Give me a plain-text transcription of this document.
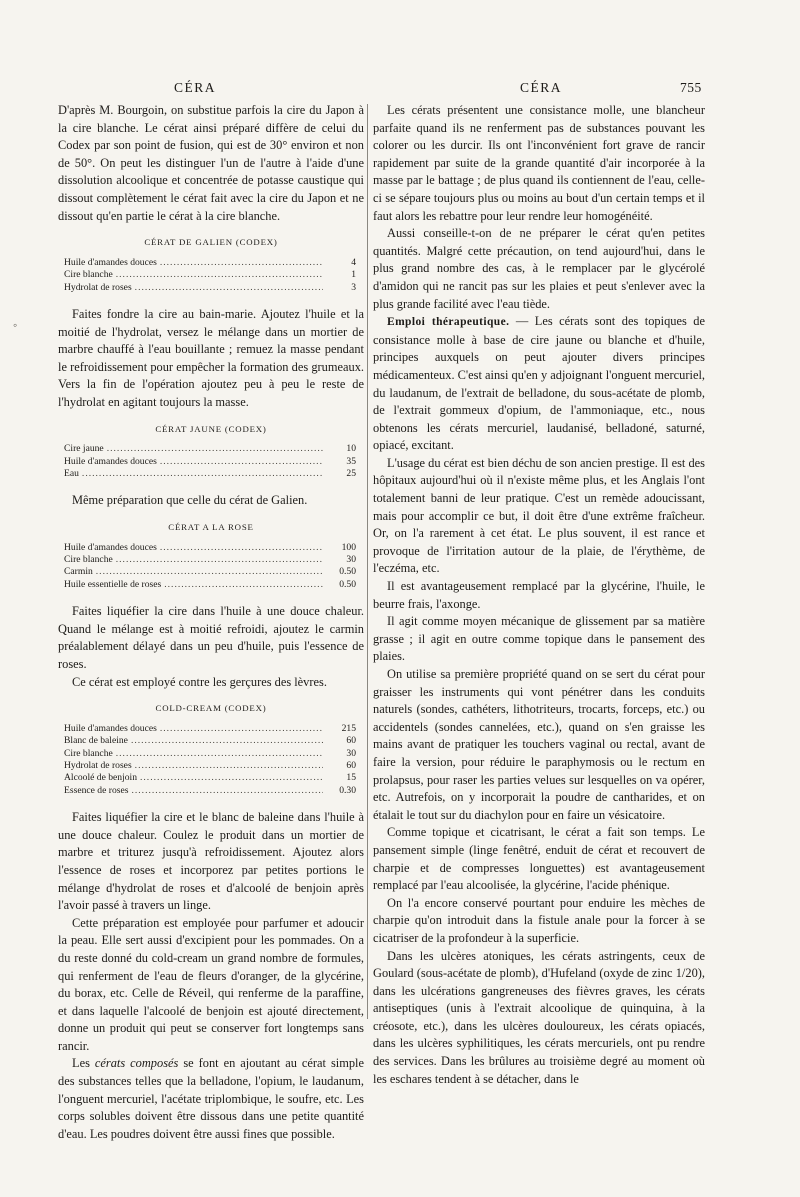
CÉRA	CÉRA	755
◦

D'après M. Bourgoin, on substitue parfois la cire du Japon à la cire blanche. Le cérat ainsi préparé diffère de celui du Codex par son point de fusion, qui est de 30° environ et non de 50°. On peut les distinguer l'un de l'autre à l'aide d'une dissolution alcoolique et concentrée de potasse caustique qui dissout complètement le cérat fait avec la cire du Japon et ne dissout qu'en partie le cérat à la cire blanche.

CÉRAT DE GALIEN (CODEX)
Huile d'amandes douces .....	4
Cire blanche .....	1
Hydrolat de roses .....	3

Faites fondre la cire au bain-marie. Ajoutez l'huile et la moitié de l'hydrolat, versez le mélange dans un mortier de marbre chauffé à l'eau bouillante ; remuez la masse pendant le refroidissement pour empêcher la formation des grumeaux. Vers la fin de l'opération ajoutez peu à peu le reste de l'hydrolat en agitant toujours la masse.

CÉRAT JAUNE (CODEX)
Cire jaune .....	10
Huile d'amandes douces .....	35
Eau .....	25

Même préparation que celle du cérat de Galien.

CÉRAT A LA ROSE
Huile d'amandes douces .....	100
Cire blanche .....	30
Carmin .....	0.50
Huile essentielle de roses .....	0.50

Faites liquéfier la cire dans l'huile à une douce chaleur. Quand le mélange est à moitié refroidi, ajoutez le carmin préalablement délayé dans un peu d'huile, puis l'essence de roses.

Ce cérat est employé contre les gerçures des lèvres.

COLD-CREAM (CODEX)
Huile d'amandes douces .....	215
Blanc de baleine .....	60
Cire blanche .....	30
Hydrolat de roses .....	60
Alcoolé de benjoin .....	15
Essence de roses .....	0.30

Faites liquéfier la cire et le blanc de baleine dans l'huile à une douce chaleur. Coulez le produit dans un mortier de marbre et triturez jusqu'à refroidissement. Ajoutez alors l'essence de roses et incorporez par petites portions le mélange d'hydrolat de roses et d'alcoolé de benjoin après l'avoir passé à travers un linge.

Cette préparation est employée pour parfumer et adoucir la peau. Elle sert aussi d'excipient pour les pommades. On a du reste donné du cold-cream un grand nombre de formules, qui renferment de l'eau de fleurs d'oranger, de la glycérine, du borax, etc. Celle de Réveil, qui renferme de la paraffine, et dans laquelle l'alcoolé de benjoin est ajouté directement, donne un produit qui peut se conserver fort longtemps sans rancir.

Les cérats composés se font en ajoutant au cérat simple des substances telles que la belladone, l'opium, le laudanum, l'onguent mercuriel, l'acétate triplombique, le soufre, etc. Les corps solubles doivent être dissous dans une petite quantité d'eau. Les poudres doivent être aussi fines que possible.

Les cérats présentent une consistance molle, une blancheur parfaite quand ils ne renferment pas de substances pouvant les colorer ou les durcir. Ils ont l'inconvénient fort grave de rancir rapidement par suite de la grande quantité d'air incorporée à la masse par le battage ; de plus quand ils contiennent de l'eau, celle-ci se sépare toujours plus ou moins au bout d'un certain temps et il faut alors les rebattre pour leur rendre leur homogénéité.

Aussi conseille-t-on de ne préparer le cérat qu'en petites quantités. Malgré cette précaution, on tend aujourd'hui, dans le plus grand nombre des cas, à le remplacer par le glycérolé d'amidon qui ne rancit pas sur les plaies et peut s'enlever avec la plus grande facilité avec l'eau tiède.

Emploi thérapeutique. — Les cérats sont des topiques de consistance molle à base de cire jaune ou blanche et d'huile, principes auxquels on peut ajouter divers principes médicamenteux. C'est ainsi qu'en y adjoignant l'onguent mercuriel, du laudanum, de l'extrait de belladone, du sous-acétate de plomb, de l'extrait gommeux d'opium, de l'ammoniaque, etc., nous obtenons les cérats mercuriel, laudanisé, belladoné, saturné, opiacé, excitant.

L'usage du cérat est bien déchu de son ancien prestige. Il est des hôpitaux aujourd'hui où il n'existe même plus, et les Anglais l'ont totalement banni de leur pratique. C'est un remède adoucissant, mais pour accomplir ce but, il doit être d'une extrême fraîcheur. Or, on l'a rarement à cet état. Le plus souvent, il est rance et provoque de l'irritation autour de la plaie, de l'érythème, de l'eczéma, etc.

Il est avantageusement remplacé par la glycérine, l'huile, le beurre frais, l'axonge.

Il agit comme moyen mécanique de glissement par sa matière grasse ; il agit en outre comme topique dans le pansement des plaies.

On utilise sa première propriété quand on se sert du cérat pour graisser les instruments qui vont pénétrer dans les conduits naturels (sondes, cathéters, lithotriteurs, trocarts, forceps, etc.) ou accidentels (sondes cannelées, etc.), quand on s'en graisse les mains avant de pratiquer les touchers vaginal ou rectal, avant de faire la version, pour réduire le paraphymosis ou le rectum en prolapsus, pour raser les parties velues sur lesquelles on va opérer, etc. Autrefois, on y incorporait la poudre de cantharides, et on étalait le tout sur du diachylon pour en faire un vésicatoire.

Comme topique et cicatrisant, le cérat a fait son temps. Le pansement simple (linge fenêtré, enduit de cérat et recouvert de charpie et de compresses longuettes) est avantageusement remplacé par l'eau alcoolisée, la glycérine, l'acide phénique.

On l'a encore conservé pourtant pour enduire les mèches de charpie qu'on introduit dans la fistule anale pour la forcer à se cicatriser de la profondeur à la superficie.

Dans les ulcères atoniques, les cérats astringents, ceux de Goulard (sous-acétate de plomb), d'Hufeland (oxyde de zinc 1/20), dans les ulcérations gangreneuses des fièvres graves, les cérats antiseptiques (unis à l'extrait alcoolique de quinquina, à la créosote, etc.), dans les ulcères douloureux, les cérats opiacés, dans les ulcères syphilitiques, les cérats mercuriels, ont pu rendre des services. Dans les brûlures au troisième degré au moment où les eschares tendent à se détacher, dans le
